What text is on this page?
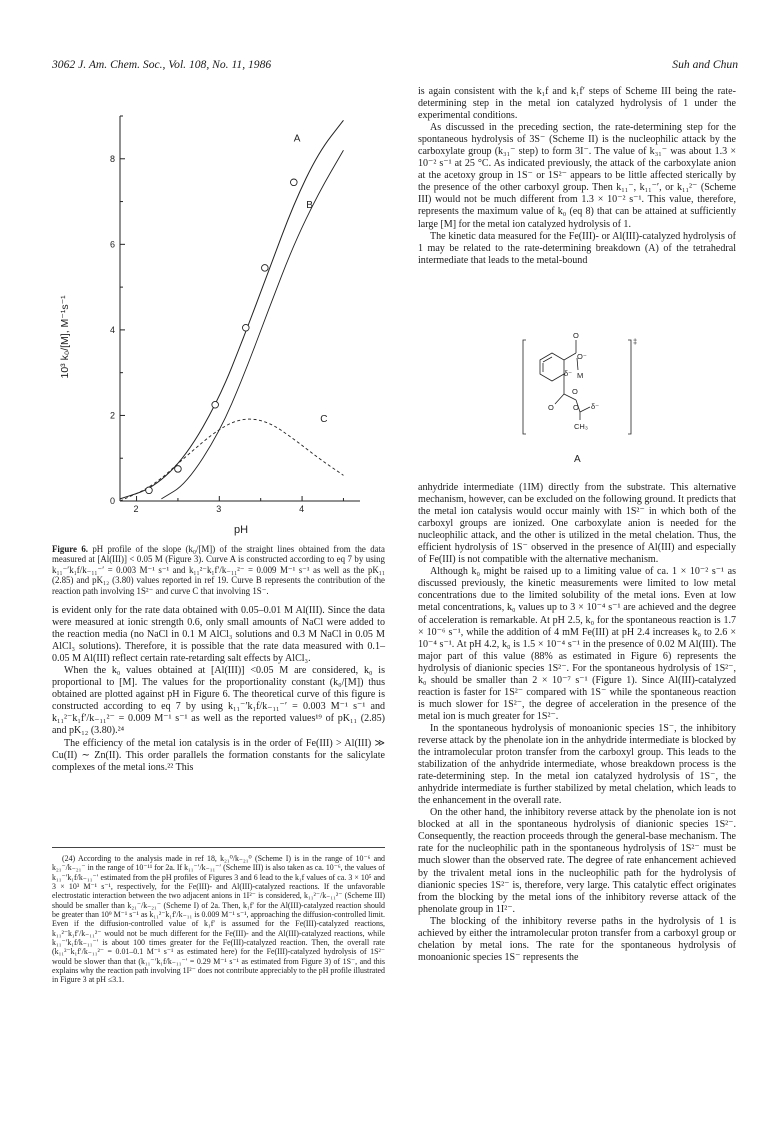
3062 J. Am. Chem. Soc., Vol. 108, No. 11, 1986	Suh and Chun
2	3	4
0
2
4
6
8
pH
10³ k₀/[M], M⁻¹s⁻¹
A
B
C
Figure 6. pH profile of the slope (k₀/[M]) of the straight lines obtained from the data measured at [Al(III)] < 0.05 M (Figure 3). Curve A is constructed according to eq 7 by using k₁₁⁻′k₁f/k₋₁₁⁻′ = 0.003 M⁻¹ s⁻¹ and k₁₁²⁻k₁f′/k₋₁₁²⁻ = 0.009 M⁻¹ s⁻¹ as well as the pK₁₁ (2.85) and pK₁₂ (3.80) values reported in ref 19. Curve B represents the contribution of the reaction path involving 1S²⁻ and curve C that involving 1S⁻.

is evident only for the rate data obtained with 0.05–0.01 M Al(III). Since the data were measured at ionic strength 0.6, only small amounts of NaCl were added to the reaction media (no NaCl in 0.1 M AlCl₃ solutions and 0.3 M NaCl in 0.05 M AlCl₃ solutions). Therefore, it is possible that the rate data measured with 0.1–0.05 M Al(III) reflect certain rate-retarding salt effects by AlCl₃.

When the k₀ values obtained at [Al(III)] <0.05 M are considered, k₀ is proportional to [M]. The values for the proportionality constant (k₀/[M]) thus obtained are plotted against pH in Figure 6. The theoretical curve of this figure is constructed according to eq 7 by using k₁₁⁻′k₁f/k₋₁₁⁻′ = 0.003 M⁻¹ s⁻¹ and k₁₁²⁻k₁f′/k₋₁₁²⁻ = 0.009 M⁻¹ s⁻¹ as well as the reported values¹⁹ of pK₁₁ (2.85) and pK₁₂ (3.80).²⁴

The efficiency of the metal ion catalysis is in the order of Fe(III) > Al(III) ≫ Cu(II) ∼ Zn(II). This order parallels the formation constants for the salicylate complexes of the metal ions.²² This

(24) According to the analysis made in ref 18, k₂₁⁰/k₋₂₁⁰ (Scheme I) is in the range of 10⁻⁶ and k₂₁⁻/k₋₂₁⁻ in the range of 10⁻¹¹ for 2a. If k₁₁⁻′/k₋₁₁⁻′ (Scheme III) is also taken as ca. 10⁻⁶, the values of k₁₁⁻′k₁f/k₋₁₁⁻′ estimated from the pH profiles of Figures 3 and 6 lead to the k₁f values of ca. 3 × 10⁵ and 3 × 10³ M⁻¹ s⁻¹, respectively, for the Fe(III)- and Al(III)-catalyzed reactions. If the unfavorable electrostatic interaction between the two adjacent anions in 1I²⁻ is considered, k₁₁²⁻/k₋₁₁²⁻ (Scheme III) should be smaller than k₂₁⁻/k₋₂₁⁻ (Scheme I) of 2a. Then, k₁f′ for the Al(III)-catalyzed reaction should be greater than 10⁹ M⁻¹ s⁻¹ as k₁₁²⁻k₁f′/k₋₁₁ is 0.009 M⁻¹ s⁻¹, approaching the diffusion-controlled limit. Even if the diffusion-controlled value of k₁f′ is assumed for the Fe(III)-catalyzed reactions, k₁₁²⁻k₁f′/k₋₁₁²⁻ would not be much different for the Fe(III)- and the Al(III)-catalyzed reactions, while k₁₁⁻′k₁f/k₋₁₁⁻′ is about 100 times greater for the Fe(III)-catalyzed reaction. Then, the overall rate (k₁₁²⁻k₁f′/k₋₁₁²⁻ = 0.01–0.1 M⁻¹ s⁻¹ as estimated here) for the Fe(III)-catalyzed hydrolysis of 1S²⁻ would be slower than that (k₁₁⁻′k₁f/k₋₁₁⁻′ = 0.29 M⁻¹ s⁻¹ as estimated from Figure 3) of 1S⁻, and this explains why the reaction path involving 1I²⁻ does not contribute appreciably to the pH profile illustrated in Figure 3 at pH ≤3.1.

is again consistent with the k₁f and k₁f′ steps of Scheme III being the rate-determining step in the metal ion catalyzed hydrolysis of 1 under the experimental conditions.

As discussed in the preceding section, the rate-determining step for the spontaneous hydrolysis of 3S⁻ (Scheme II) is the nucleophilic attack by the carboxylate group (k₃₁⁻ step) to form 3I⁻. The value of k₃₁⁻ was about 1.3 × 10⁻² s⁻¹ at 25 °C. As indicated previously, the attack of the carboxylate anion at the acetoxy group in 1S⁻ or 1S²⁻ appears to be little affected sterically by the presence of the other carboxyl group. Then k₁₁⁻, k₁₁⁻′, or k₁₁²⁻ (Scheme III) would not be much different from 1.3 × 10⁻² s⁻¹. This value, therefore, represents the maximum value of k₀ (eq 8) that can be attained at sufficiently large [M] for the metal ion catalyzed hydrolysis of 1.

The kinetic data measured for the Fe(III)- or Al(III)-catalyzed hydrolysis of 1 may be related to the rate-determining breakdown (A) of the tetrahedral intermediate that leads to the metal-bound

O
O⁻
δ⁻ M
O
O	O δ⁻
CH₃
‡
A

anhydride intermediate (1IM) directly from the substrate. This alternative mechanism, however, can be excluded on the following ground. It predicts that the metal ion catalysis would occur mainly with 1S²⁻ in which both of the carboxyl groups are ionized. One carboxylate anion is needed for the nucleophilic attack, and the other is utilized in the metal chelation. Thus, the efficient hydrolysis of 1S⁻ observed in the presence of Al(III) and especially of Fe(III) is not compatible with the alternative mechanism.

Although k₀ might be raised up to a limiting value of ca. 1 × 10⁻² s⁻¹ as discussed previously, the kinetic measurements were limited to low metal concentrations due to the limited solubility of the metal ions. Even at low metal concentrations, k₀ values up to 3 × 10⁻⁴ s⁻¹ are achieved and the degree of acceleration is remarkable. At pH 2.5, k₀ for the spontaneous reaction is 1.7 × 10⁻⁶ s⁻¹, while the addition of 4 mM Fe(III) at pH 2.4 increases k₀ to 2.6 × 10⁻⁴ s⁻¹. At pH 4.2, k₀ is 1.5 × 10⁻⁴ s⁻¹ in the presence of 0.02 M Al(III). The major part of this value (88% as estimated in Figure 6) represents the hydrolysis of dianionic species 1S²⁻. For the spontaneous hydrolysis of 1S²⁻, k₀ should be smaller than 2 × 10⁻⁷ s⁻¹ (Figure 1). Since Al(III)-catalyzed reaction is faster for 1S²⁻ compared with 1S⁻ while the spontaneous reaction is much slower for 1S²⁻, the degree of acceleration in the presence of the metal ion is much greater for 1S²⁻.

In the spontaneous hydrolysis of monoanionic species 1S⁻, the inhibitory reverse attack by the phenolate ion in the anhydride intermediate is blocked by the intramolecular proton transfer from the carboxyl group. This leads to the stabilization of the anhydride intermediate, whose breakdown process is the rate-determining step. In the metal ion catalyzed hydrolysis of 1S⁻, the anhydride intermediate is further stabilized by metal chelation, which leads to the enhancement in the overall rate.

On the other hand, the inhibitory reverse attack by the phenolate ion is not blocked at all in the spontaneous hydrolysis of dianionic species 1S²⁻. Consequently, the reaction proceeds through the general-base mechanism. The rate for the nucleophilic path in the spontaneous hydrolysis of 1S²⁻ must be much slower than the observed rate. The degree of rate enhancement achieved by the trivalent metal ions in the nucleophilic path for the hydrolysis of dianionic species 1S²⁻ is, therefore, very large. This catalytic effect originates from the blocking by the metal ions of the inhibitory reverse attack of the phenolate group in 1I²⁻.

The blocking of the inhibitory reverse paths in the hydrolysis of 1 is achieved by either the intramolecular proton transfer from a carboxyl group or chelation by metal ions. The rate for the spontaneous hydrolysis of monoanionic species 1S⁻ represents the
